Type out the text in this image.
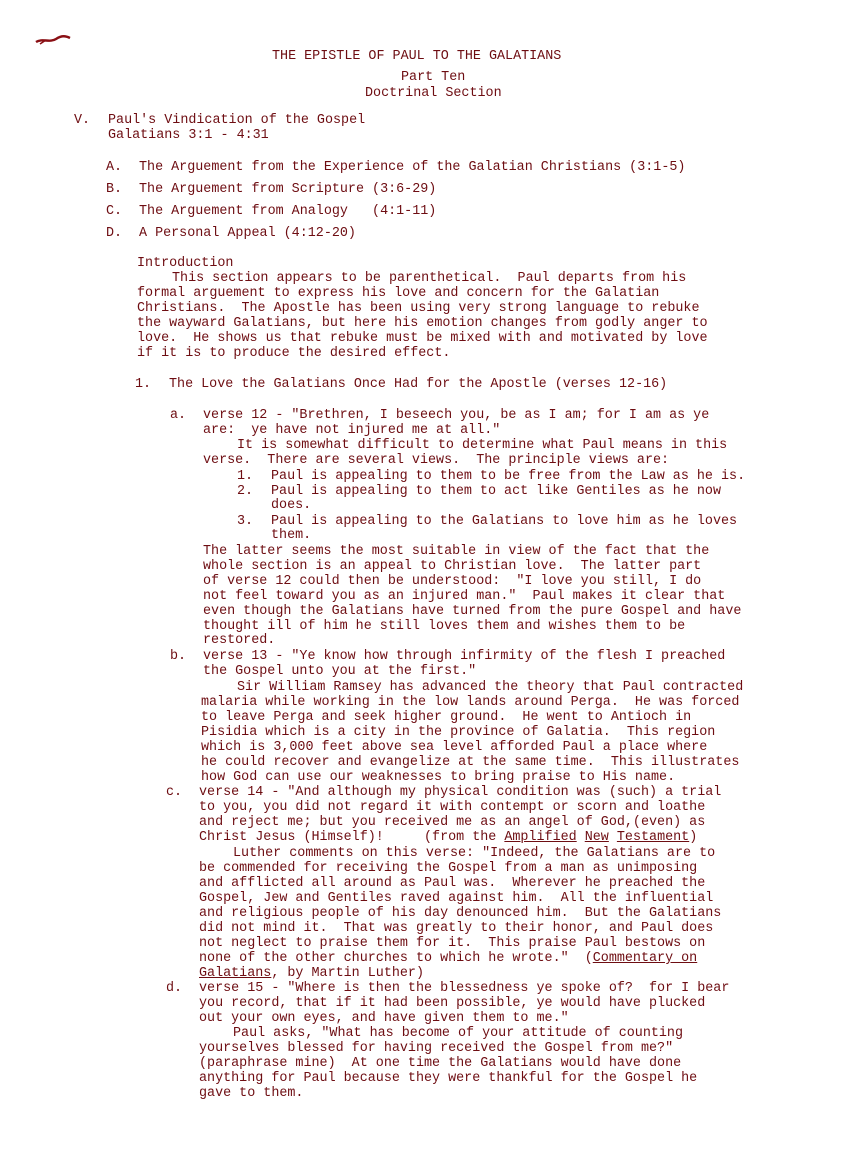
THE EPISTLE OF PAUL TO THE GALATIANS
Part Ten
Doctrinal Section
V. Paul's Vindication of the Gospel
Galatians 3:1 - 4:31
A. The Arguement from the Experience of the Galatian Christians (3:1-5)
B. The Arguement from Scripture (3:6-29)
C. The Arguement from Analogy   (4:1-11)
D. A Personal Appeal (4:12-20)
Introduction
This section appears to be parenthetical.  Paul departs from his
formal arguement to express his love and concern for the Galatian
Christians.  The Apostle has been using very strong language to rebuke
the wayward Galatians, but here his emotion changes from godly anger to
love.  He shows us that rebuke must be mixed with and motivated by love
if it is to produce the desired effect.
1. The Love the Galatians Once Had for the Apostle (verses 12-16)
a. verse 12 - "Brethren, I beseech you, be as I am; for I am as ye
are:  ye have not injured me at all."
It is somewhat difficult to determine what Paul means in this
verse.  There are several views.  The principle views are:
1. Paul is appealing to them to be free from the Law as he is.
2. Paul is appealing to them to act like Gentiles as he now
does.
3. Paul is appealing to the Galatians to love him as he loves
them.
The latter seems the most suitable in view of the fact that the
whole section is an appeal to Christian love.  The latter part
of verse 12 could then be understood:  "I love you still, I do
not feel toward you as an injured man."  Paul makes it clear that
even though the Galatians have turned from the pure Gospel and have
thought ill of him he still loves them and wishes them to be
restored.
b. verse 13 - "Ye know how through infirmity of the flesh I preached
the Gospel unto you at the first."
Sir William Ramsey has advanced the theory that Paul contracted
malaria while working in the low lands around Perga.  He was forced
to leave Perga and seek higher ground.  He went to Antioch in
Pisidia which is a city in the province of Galatia.  This region
which is 3,000 feet above sea level afforded Paul a place where
he could recover and evangelize at the same time.  This illustrates
how God can use our weaknesses to bring praise to His name.
c. verse 14 - "And although my physical condition was (such) a trial
to you, you did not regard it with contempt or scorn and loathe
and reject me; but you received me as an angel of God,(even) as
Christ Jesus (Himself)!     (from the Amplified New Testament)
Luther comments on this verse: "Indeed, the Galatians are to
be commended for receiving the Gospel from a man as unimposing
and afflicted all around as Paul was.  Wherever he preached the
Gospel, Jew and Gentiles raved against him.  All the influential
and religious people of his day denounced him.  But the Galatians
did not mind it.  That was greatly to their honor, and Paul does
not neglect to praise them for it.  This praise Paul bestows on
none of the other churches to which he wrote."  (Commentary on
Galatians, by Martin Luther)
d. verse 15 - "Where is then the blessedness ye spoke of?  for I bear
you record, that if it had been possible, ye would have plucked
out your own eyes, and have given them to me."
Paul asks, "What has become of your attitude of counting
yourselves blessed for having received the Gospel from me?"
(paraphrase mine)  At one time the Galatians would have done
anything for Paul because they were thankful for the Gospel he
gave to them.
